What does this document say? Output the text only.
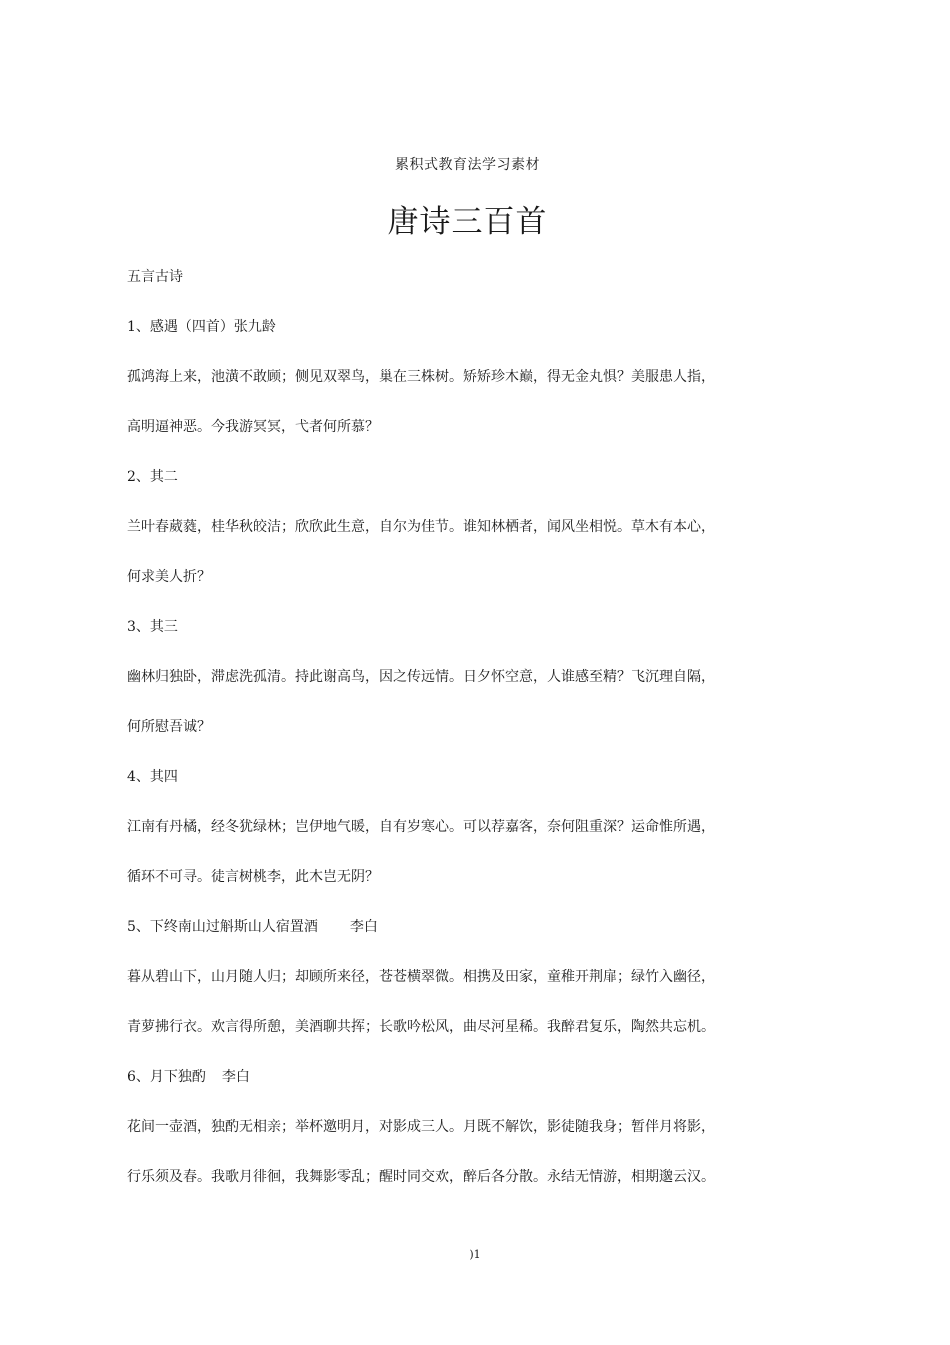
累积式教育法学习素材
唐诗三百首
五言古诗
1、感遇（四首）张九龄
孤鸿海上来，池潢不敢顾；侧见双翠鸟，巢在三株树。矫矫珍木巅，得无金丸惧？美服患人指，
高明逼神恶。今我游冥冥，弋者何所慕？
2、其二
兰叶春葳蕤，桂华秋皎洁；欣欣此生意，自尔为佳节。谁知林栖者，闻风坐相悦。草木有本心，
何求美人折？
3、其三
幽林归独卧，滞虑洗孤清。持此谢高鸟，因之传远情。日夕怀空意，人谁感至精？飞沉理自隔，
何所慰吾诚？
4、其四
江南有丹橘，经冬犹绿林；岂伊地气暖，自有岁寒心。可以荐嘉客，奈何阻重深？运命惟所遇，
循环不可寻。徒言树桃李，此木岂无阴？
5、下终南山过斛斯山人宿置酒 李白
暮从碧山下，山月随人归；却顾所来径，苍苍横翠微。相携及田家，童稚开荆扉；绿竹入幽径，
青萝拂行衣。欢言得所憩，美酒聊共挥；长歌吟松风，曲尽河星稀。我醉君复乐，陶然共忘机。
6、月下独酌 李白
花间一壶酒，独酌无相亲；举杯邀明月，对影成三人。月既不解饮，影徒随我身；暂伴月将影，
行乐须及春。我歌月徘徊，我舞影零乱；醒时同交欢，醉后各分散。永结无情游，相期邈云汉。
)1
